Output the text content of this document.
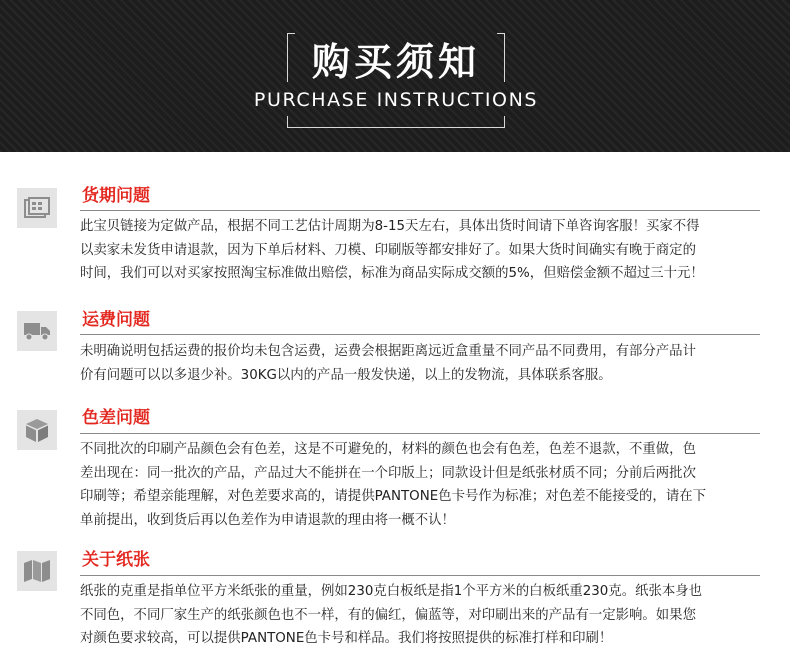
购买须知
PURCHASE INSTRUCTIONS
货期问题
此宝贝链接为定做产品，根据不同工艺估计周期为8-15天左右，具体出货时间请下单咨询客服！买家不得
以卖家未发货申请退款，因为下单后材料、刀模、印刷版等都安排好了。如果大货时间确实有晚于商定的
时间，我们可以对买家按照淘宝标准做出赔偿，标准为商品实际成交额的5%，但赔偿金额不超过三十元！
运费问题
未明确说明包括运费的报价均未包含运费，运费会根据距离远近盒重量不同产品不同费用，有部分产品计
价有问题可以以多退少补。30KG以内的产品一般发快递，以上的发物流，具体联系客服。
色差问题
不同批次的印刷产品颜色会有色差，这是不可避免的，材料的颜色也会有色差，色差不退款，不重做，色
差出现在：同一批次的产品，产品过大不能拼在一个印版上；同款设计但是纸张材质不同；分前后两批次
印刷等；希望亲能理解，对色差要求高的，请提供PANTONE色卡号作为标准；对色差不能接受的，请在下
单前提出，收到货后再以色差作为申请退款的理由将一概不认！
关于纸张
纸张的克重是指单位平方米纸张的重量，例如230克白板纸是指1个平方米的白板纸重230克。纸张本身也
不同色，不同厂家生产的纸张颜色也不一样，有的偏红，偏蓝等，对印刷出来的产品有一定影响。如果您
对颜色要求较高，可以提供PANTONE色卡号和样品。我们将按照提供的标准打样和印刷！
